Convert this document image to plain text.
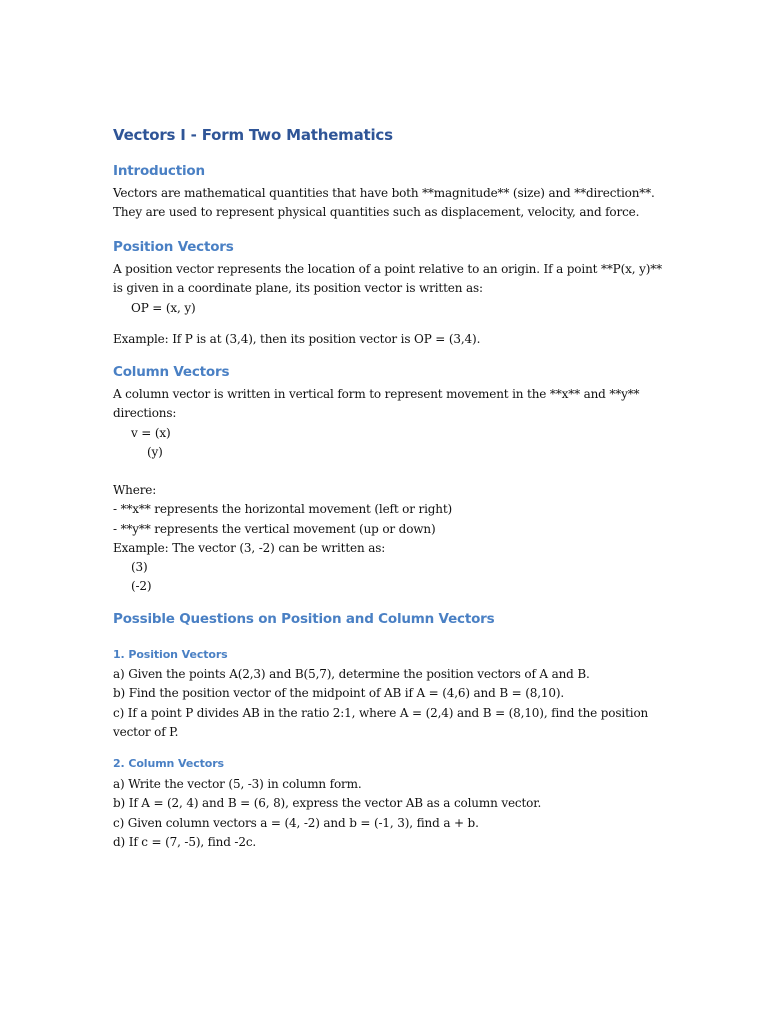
Vectors I - Form Two Mathematics
Introduction
Vectors are mathematical quantities that have both **magnitude** (size) and **direction**.
They are used to represent physical quantities such as displacement, velocity, and force.
Position Vectors
A position vector represents the location of a point relative to an origin. If a point **P(x, y)**
is given in a coordinate plane, its position vector is written as:
OP = (x, y)
Example: If P is at (3,4), then its position vector is OP = (3,4).
Column Vectors
A column vector is written in vertical form to represent movement in the **x** and **y**
directions:
v = (x)
(y)
Where:
- **x** represents the horizontal movement (left or right)
- **y** represents the vertical movement (up or down)
Example: The vector (3, -2) can be written as:
(3)
(-2)
Possible Questions on Position and Column Vectors
1. Position Vectors
a) Given the points A(2,3) and B(5,7), determine the position vectors of A and B.
b) Find the position vector of the midpoint of AB if A = (4,6) and B = (8,10).
c) If a point P divides AB in the ratio 2:1, where A = (2,4) and B = (8,10), find the position
vector of P.
2. Column Vectors
a) Write the vector (5, -3) in column form.
b) If A = (2, 4) and B = (6, 8), express the vector AB as a column vector.
c) Given column vectors a = (4, -2) and b = (-1, 3), find a + b.
d) If c = (7, -5), find -2c.
